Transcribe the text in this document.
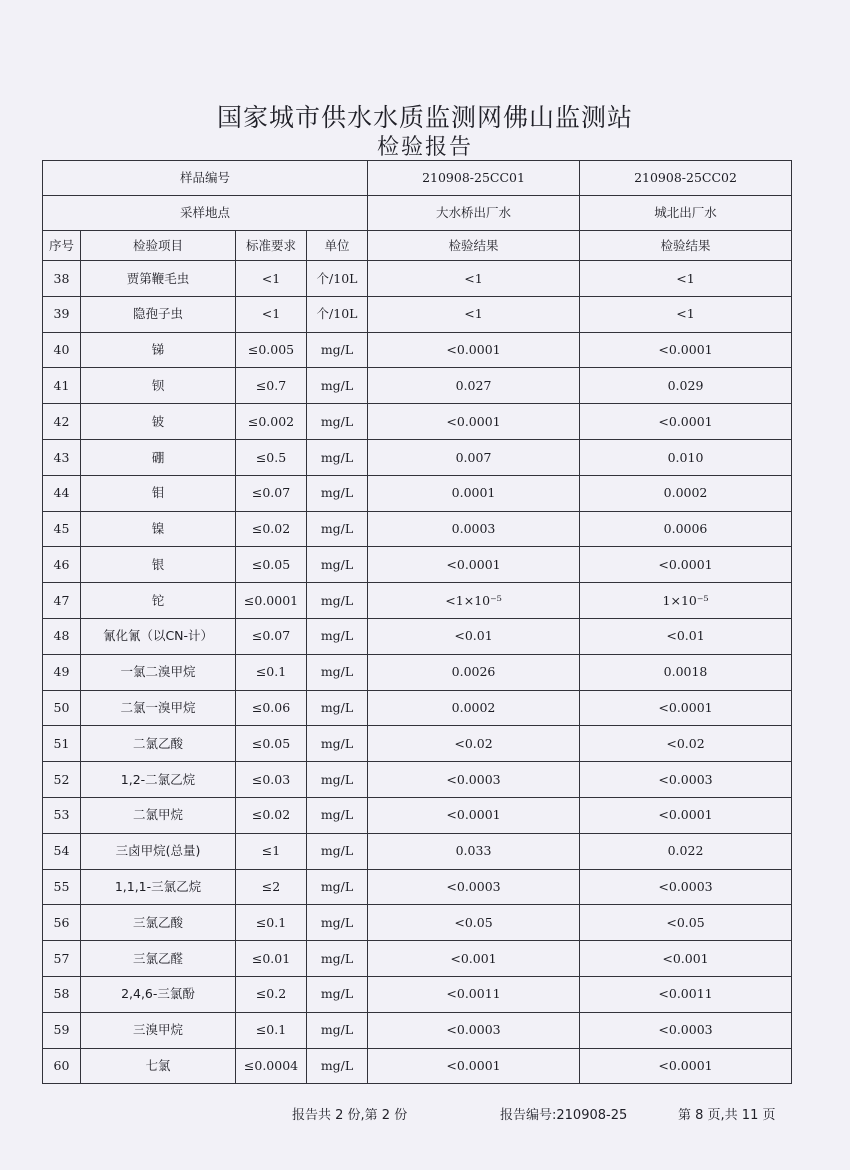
国家城市供水水质监测网佛山监测站
检验报告
样品编号				210908-25CC01	210908-25CC02
采样地点				大水桥出厂水	城北出厂水
序号	检验项目	标准要求	单位	检验结果	检验结果
38	贾第鞭毛虫	<1	个/10L	<1	<1
39	隐孢子虫	<1	个/10L	<1	<1
40	锑	≤0.005	mg/L	<0.0001	<0.0001
41	钡	≤0.7	mg/L	0.027	0.029
42	铍	≤0.002	mg/L	<0.0001	<0.0001
43	硼	≤0.5	mg/L	0.007	0.010
44	钼	≤0.07	mg/L	0.0001	0.0002
45	镍	≤0.02	mg/L	0.0003	0.0006
46	银	≤0.05	mg/L	<0.0001	<0.0001
47	铊	≤0.0001	mg/L	<1×10⁻⁵	1×10⁻⁵
48	氰化氰（以CN-计）	≤0.07	mg/L	<0.01	<0.01
49	一氯二溴甲烷	≤0.1	mg/L	0.0026	0.0018
50	二氯一溴甲烷	≤0.06	mg/L	0.0002	<0.0001
51	二氯乙酸	≤0.05	mg/L	<0.02	<0.02
52	1,2-二氯乙烷	≤0.03	mg/L	<0.0003	<0.0003
53	二氯甲烷	≤0.02	mg/L	<0.0001	<0.0001
54	三卤甲烷(总量)	≤1	mg/L	0.033	0.022
55	1,1,1-三氯乙烷	≤2	mg/L	<0.0003	<0.0003
56	三氯乙酸	≤0.1	mg/L	<0.05	<0.05
57	三氯乙醛	≤0.01	mg/L	<0.001	<0.001
58	2,4,6-三氯酚	≤0.2	mg/L	<0.0011	<0.0011
59	三溴甲烷	≤0.1	mg/L	<0.0003	<0.0003
60	七氯	≤0.0004	mg/L	<0.0001	<0.0001
报告共 2 份,第 2 份	报告编号:210908-25	第 8 页,共 11 页
